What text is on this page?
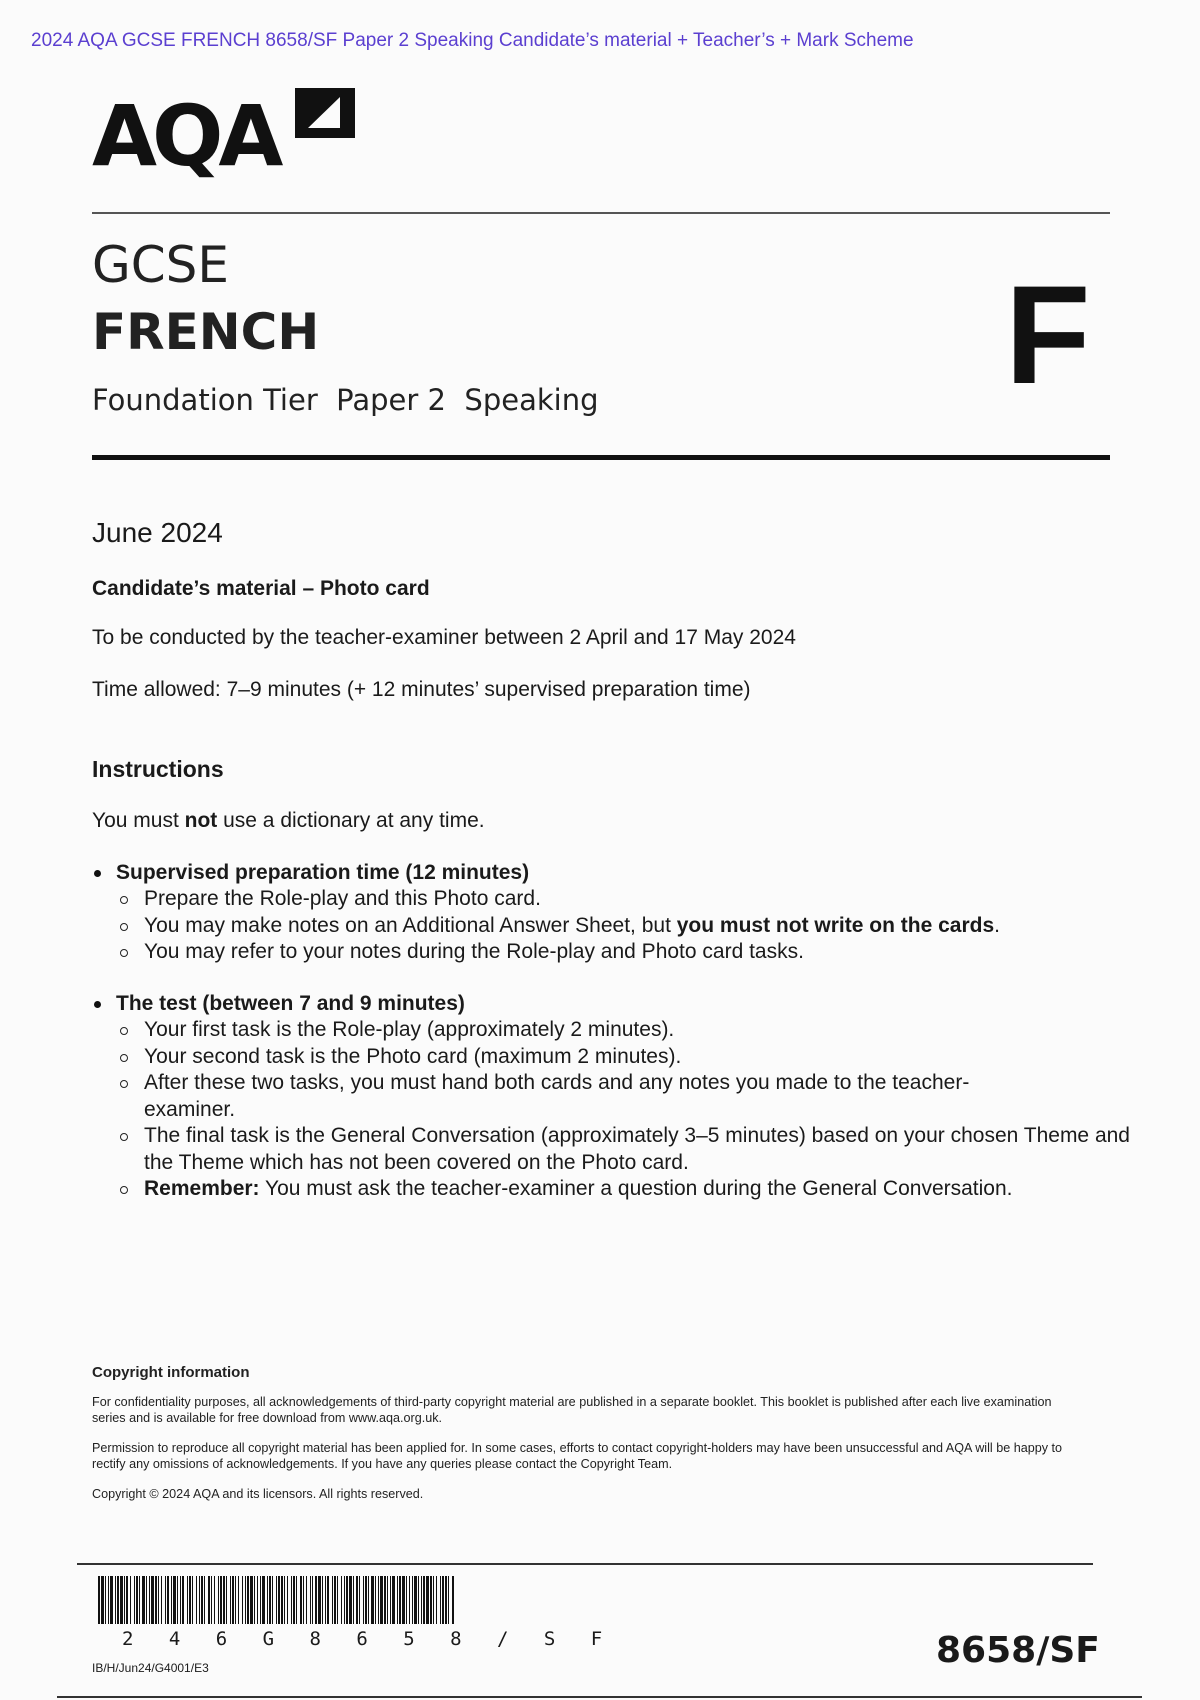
2024 AQA GCSE FRENCH 8658/SF Paper 2 Speaking Candidate’s material + Teacher’s + Mark Scheme
AQA
GCSE
FRENCH
Foundation Tier  Paper 2  Speaking	F
June 2024
Candidate’s material – Photo card
To be conducted by the teacher-examiner between 2 April and 17 May 2024
Time allowed: 7–9 minutes (+ 12 minutes’ supervised preparation time)
Instructions
You must not use a dictionary at any time.
Supervised preparation time (12 minutes)
Prepare the Role-play and this Photo card.
You may make notes on an Additional Answer Sheet, but you must not write on the cards.
You may refer to your notes during the Role-play and Photo card tasks.
The test (between 7 and 9 minutes)
Your first task is the Role-play (approximately 2 minutes).
Your second task is the Photo card (maximum 2 minutes).
After these two tasks, you must hand both cards and any notes you made to the teacher-examiner.
The final task is the General Conversation (approximately 3–5 minutes) based on your chosen Theme and the Theme which has not been covered on the Photo card.
Remember: You must ask the teacher-examiner a question during the General Conversation.
Copyright information
For confidentiality purposes, all acknowledgements of third-party copyright material are published in a separate booklet. This booklet is published after each live examination series and is available for free download from www.aqa.org.uk.
Permission to reproduce all copyright material has been applied for. In some cases, efforts to contact copyright-holders may have been unsuccessful and AQA will be happy to rectify any omissions of acknowledgements. If you have any queries please contact the Copyright Team.
Copyright © 2024 AQA and its licensors. All rights reserved.
2 4 6 G 8 6 5 8 / S F
IB/H/Jun24/G4001/E3	8658/SF
